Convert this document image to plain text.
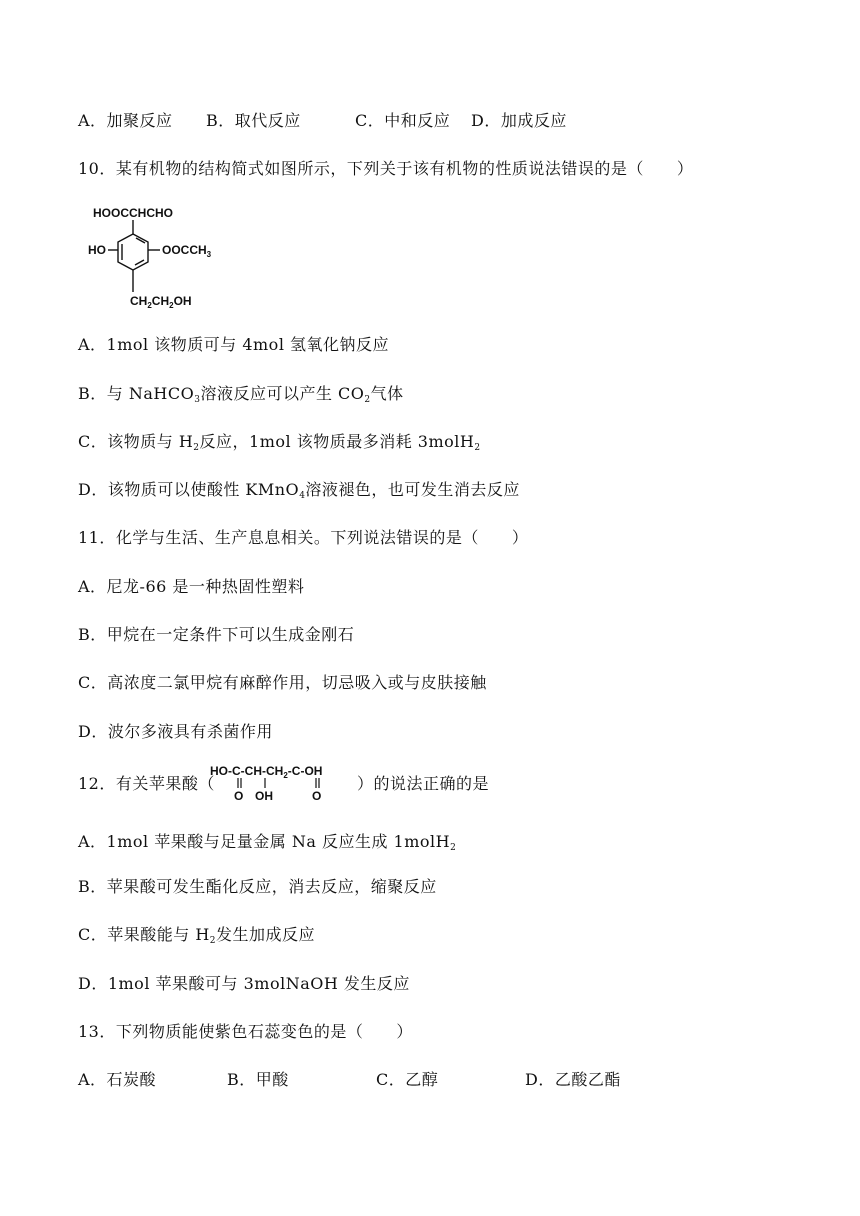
A．加聚反应 B．取代反应	C．中和反应 D．加成反应
10．某有机物的结构简式如图所示，下列关于该有机物的性质说法错误的是（　　）
HOOCCHCHO
HO	$OOCCH_3$
$CH_2CH_2OH$
A．1mol 该物质可与 4mol 氢氧化钠反应
B．与 NaHCO$_3$溶液反应可以产生 $CO_2$气体
C．该物质与 $H_2$反应，1mol 该物质最多消耗 3molH$_2$
D．该物质可以使酸性 KMnO$_4$溶液褪色，也可发生消去反应
11．化学与生活、生产息息相关。下列说法错误的是（　　）
A．尼龙-66 是一种热固性塑料
B．甲烷在一定条件下可以生成金刚石
C．高浓度二氯甲烷有麻醉作用，切忌吸入或与皮肤接触
D．波尔多液具有杀菌作用
12．有关苹果酸（
$HO-C-CH-CH_2-C-OH$
O OH	O
）的说法正确的是
A．1mol 苹果酸与足量金属 Na 反应生成 1molH$_2$
B．苹果酸可发生酯化反应，消去反应，缩聚反应
C．苹果酸能与 $H_2$发生加成反应
D．1mol 苹果酸可与 3molNaOH 发生反应
13．下列物质能使紫色石蕊变色的是（　　）
A．石炭酸	B．甲酸	C．乙醇	D．乙酸乙酯
